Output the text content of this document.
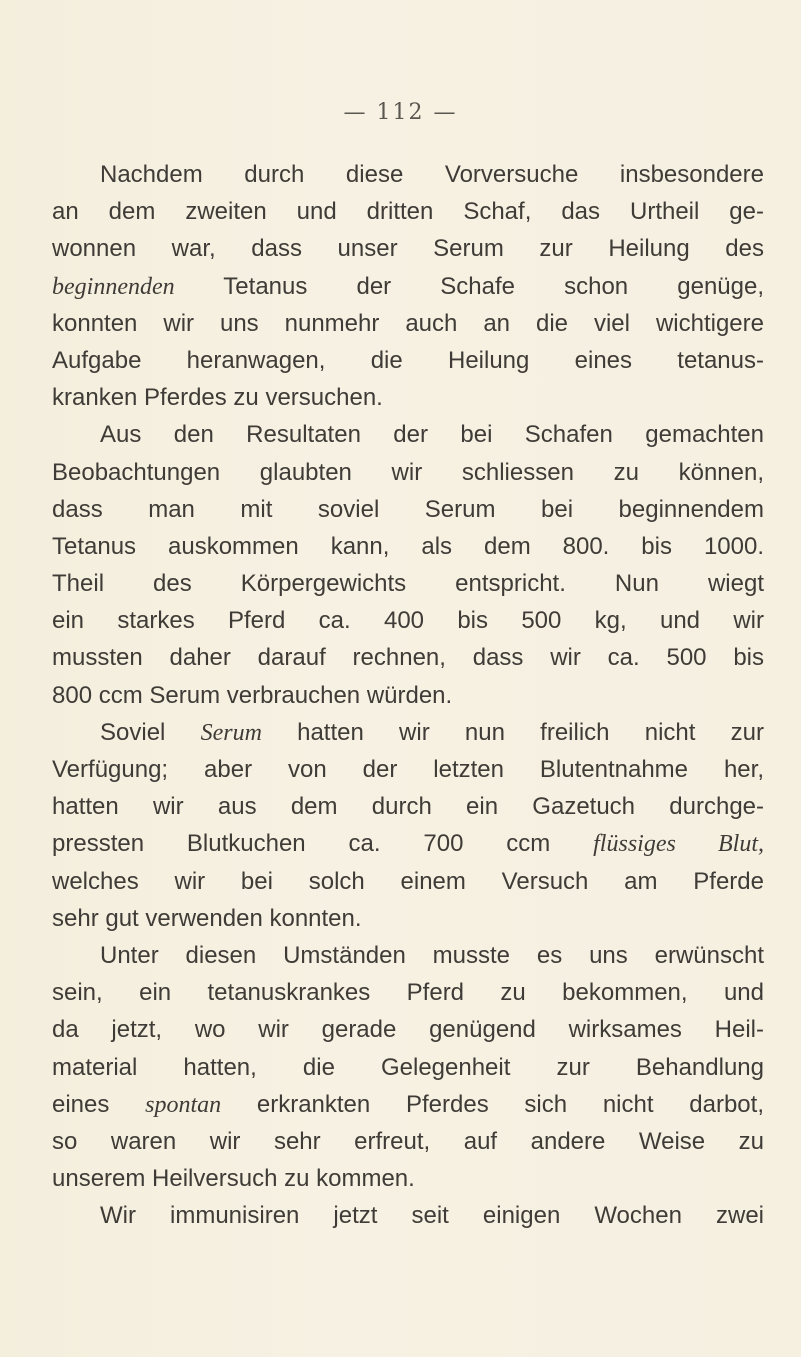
— 112 —
Nachdem durch diese Vorversuche insbesondere
an dem zweiten und dritten Schaf, das Urtheil ge-
wonnen war, dass unser Serum zur Heilung des
beginnenden Tetanus der Schafe schon genüge,
konnten wir uns nunmehr auch an die viel wichtigere
Aufgabe heranwagen, die Heilung eines tetanus-
kranken Pferdes zu versuchen.
Aus den Resultaten der bei Schafen gemachten
Beobachtungen glaubten wir schliessen zu können,
dass man mit soviel Serum bei beginnendem
Tetanus auskommen kann, als dem 800. bis 1000.
Theil des Körpergewichts entspricht. Nun wiegt
ein starkes Pferd ca. 400 bis 500 kg, und wir
mussten daher darauf rechnen, dass wir ca. 500 bis
800 ccm Serum verbrauchen würden.
Soviel Serum hatten wir nun freilich nicht zur
Verfügung; aber von der letzten Blutentnahme her,
hatten wir aus dem durch ein Gazetuch durchge-
pressten Blutkuchen ca. 700 ccm flüssiges Blut,
welches wir bei solch einem Versuch am Pferde
sehr gut verwenden konnten.
Unter diesen Umständen musste es uns erwünscht
sein, ein tetanuskrankes Pferd zu bekommen, und
da jetzt, wo wir gerade genügend wirksames Heil-
material hatten, die Gelegenheit zur Behandlung
eines spontan erkrankten Pferdes sich nicht darbot,
so waren wir sehr erfreut, auf andere Weise zu
unserem Heilversuch zu kommen.
Wir immunisiren jetzt seit einigen Wochen zwei
